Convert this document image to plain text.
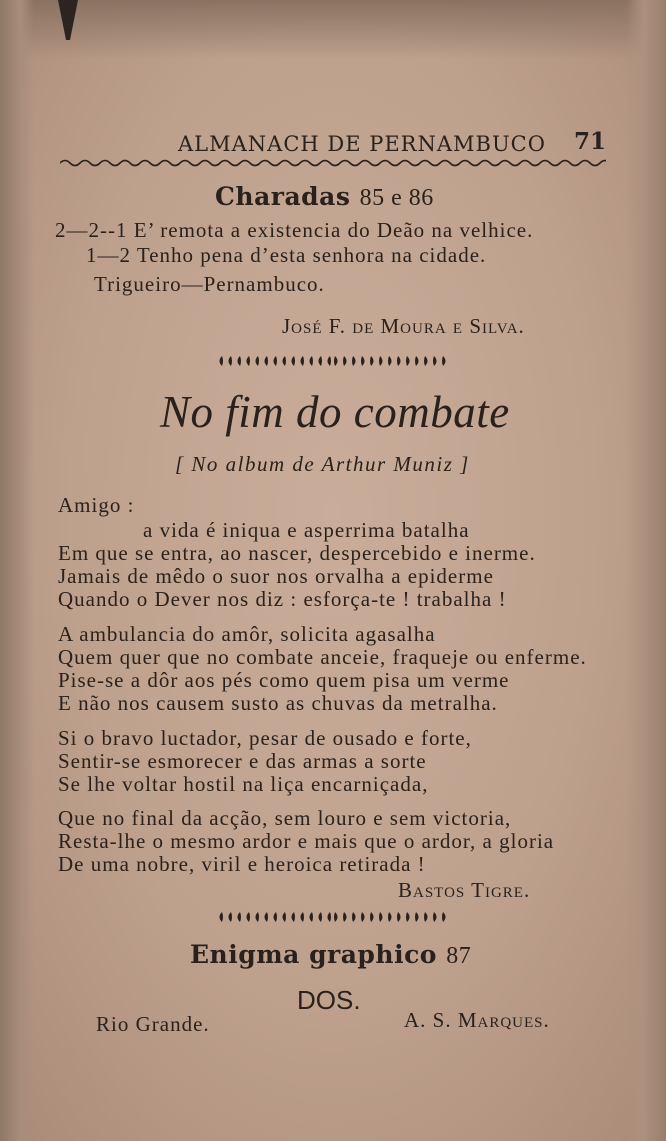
ALMANACH DE PERNAMBUCO 71
Charadas 85 e 86
2—2--1 E’ remota a existencia do Deão na velhice.
1—2 Tenho pena d’esta senhora na cidade.
Trigueiro—Pernambuco.
José F. de Moura e Silva.
No fim do combate
[ No album de Arthur Muniz ]
Amigo :
a vida é iniqua e asperrima batalha
Em que se entra, ao nascer, despercebido e inerme.
Jamais de mêdo o suor nos orvalha a epiderme
Quando o Dever nos diz : esforça-te ! trabalha !
A ambulancia do amôr, solicita agasalha
Quem quer que no combate anceie, fraqueje ou enferme.
Pise-se a dôr aos pés como quem pisa um verme
E não nos causem susto as chuvas da metralha.
Si o bravo luctador, pesar de ousado e forte,
Sentir-se esmorecer e das armas a sorte
Se lhe voltar hostil na liça encarniçada,
Que no final da acção, sem louro e sem victoria,
Resta-lhe o mesmo ardor e mais que o ardor, a gloria
De uma nobre, viril e heroica retirada !
Bastos Tigre.
Enigma graphico 87
DOS.
Rio Grande.	A. S. Marques.
